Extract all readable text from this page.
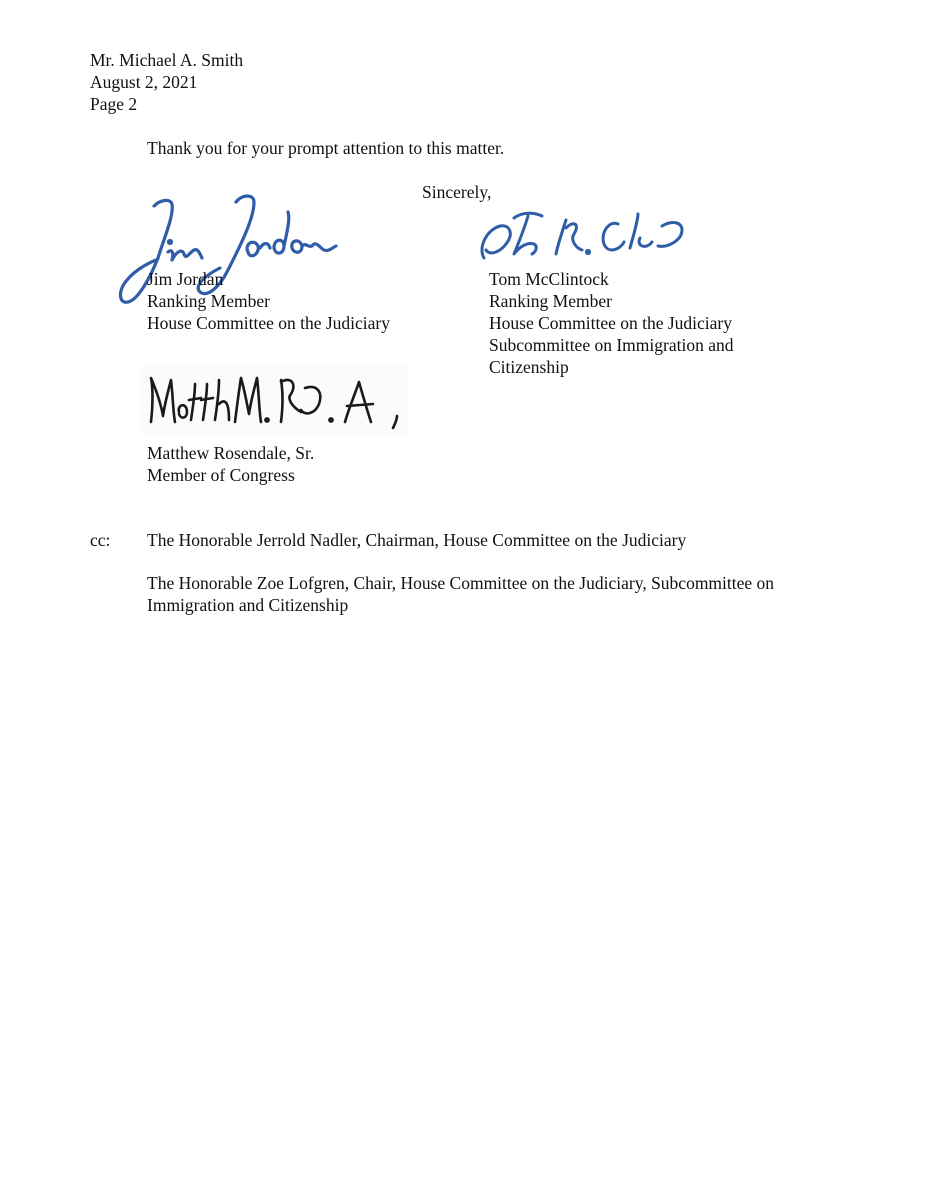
Mr. Michael A. Smith
August 2, 2021
Page 2
Thank you for your prompt attention to this matter.
Sincerely,
Jim Jordan
Ranking Member
House Committee on the Judiciary
Tom McClintock
Ranking Member
House Committee on the Judiciary
Subcommittee on Immigration and
Citizenship
Matthew Rosendale, Sr.
Member of Congress
cc: The Honorable Jerrold Nadler, Chairman, House Committee on the Judiciary
The Honorable Zoe Lofgren, Chair, House Committee on the Judiciary, Subcommittee on Immigration and Citizenship
